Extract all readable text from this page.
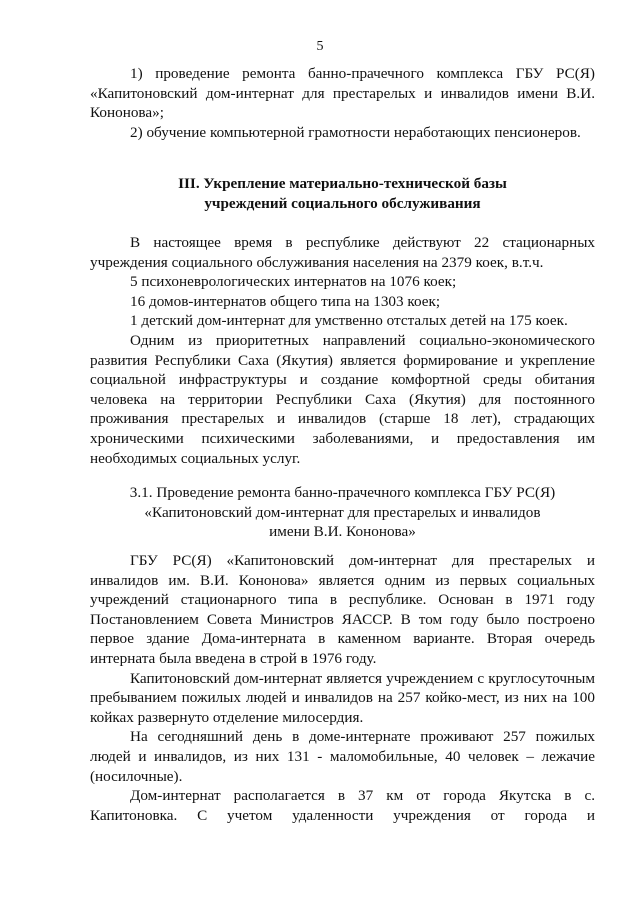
5

1) проведение ремонта банно-прачечного комплекса ГБУ РС(Я) «Капитоновский дом-интернат для престарелых и инвалидов имени В.И. Кононова»;

2) обучение компьютерной грамотности неработающих пенсионеров.

III. Укрепление материально-технической базы

учреждений социального обслуживания

В настоящее время в республике действуют 22 стационарных учреждения социального обслуживания населения на 2379 коек, в.т.ч.

5 психоневрологических интернатов на 1076 коек;

16 домов-интернатов общего типа на 1303 коек;

1 детский дом-интернат для умственно отсталых детей на 175 коек.

Одним из приоритетных направлений социально-экономического развития Республики Саха (Якутия) является формирование и укрепление социальной инфраструктуры и создание комфортной среды обитания человека на территории Республики Саха (Якутия) для постоянного проживания престарелых и инвалидов (старше 18 лет), страдающих хроническими психическими заболеваниями, и предоставления им необходимых социальных услуг.

3.1. Проведение ремонта банно-прачечного комплекса ГБУ РС(Я)

«Капитоновский дом-интернат для престарелых и инвалидов

имени В.И. Кононова»

ГБУ РС(Я) «Капитоновский дом-интернат для престарелых и инвалидов им. В.И. Кононова» является одним из первых социальных учреждений стационарного типа в республике. Основан в 1971 году Постановлением Совета Министров ЯАССР. В том году было построено первое здание Дома-интерната в каменном варианте. Вторая очередь интерната была введена в строй в 1976 году.

Капитоновский дом-интернат является учреждением с круглосуточным пребыванием пожилых людей и инвалидов на 257 койко-мест, из них на 100 койках развернуто отделение милосердия.

На сегодняшний день в доме-интернате проживают 257 пожилых людей и инвалидов, из них 131 - маломобильные, 40 человек – лежачие (носилочные).

Дом-интернат располагается в 37 км от города Якутска в с. Капитоновка. С учетом удаленности учреждения от города и
